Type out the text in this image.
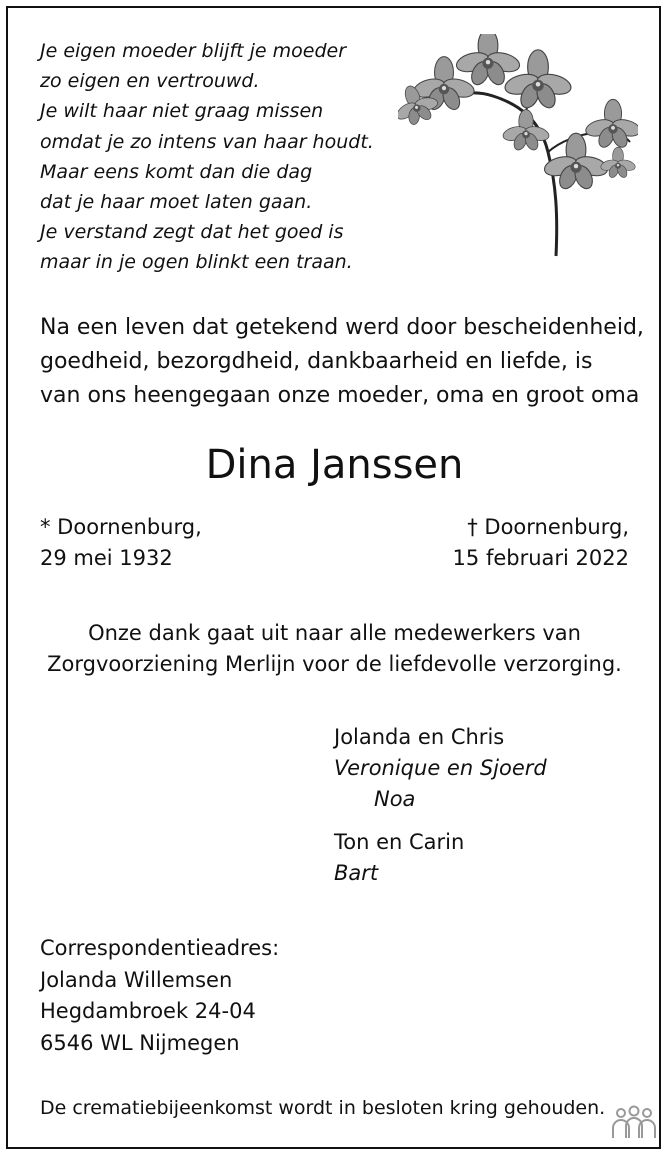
Je eigen moeder blijft je moeder
zo eigen en vertrouwd.
Je wilt haar niet graag missen
omdat je zo intens van haar houdt.
Maar eens komt dan die dag
dat je haar moet laten gaan.
Je verstand zegt dat het goed is
maar in je ogen blinkt een traan.
Na een leven dat getekend werd door bescheidenheid,
goedheid, bezorgdheid, dankbaarheid en liefde, is
van ons heengegaan onze moeder, oma en groot oma
Dina Janssen
* Doornenburg,
29 mei 1932
† Doornenburg,
15 februari 2022
Onze dank gaat uit naar alle medewerkers van
Zorgvoorziening Merlijn voor de liefdevolle verzorging.
Jolanda en Chris
Veronique en Sjoerd
Noa
Ton en Carin
Bart
Correspondentieadres:
Jolanda Willemsen
Hegdambroek 24-04
6546 WL Nijmegen
De crematiebijeenkomst wordt in besloten kring gehouden.
